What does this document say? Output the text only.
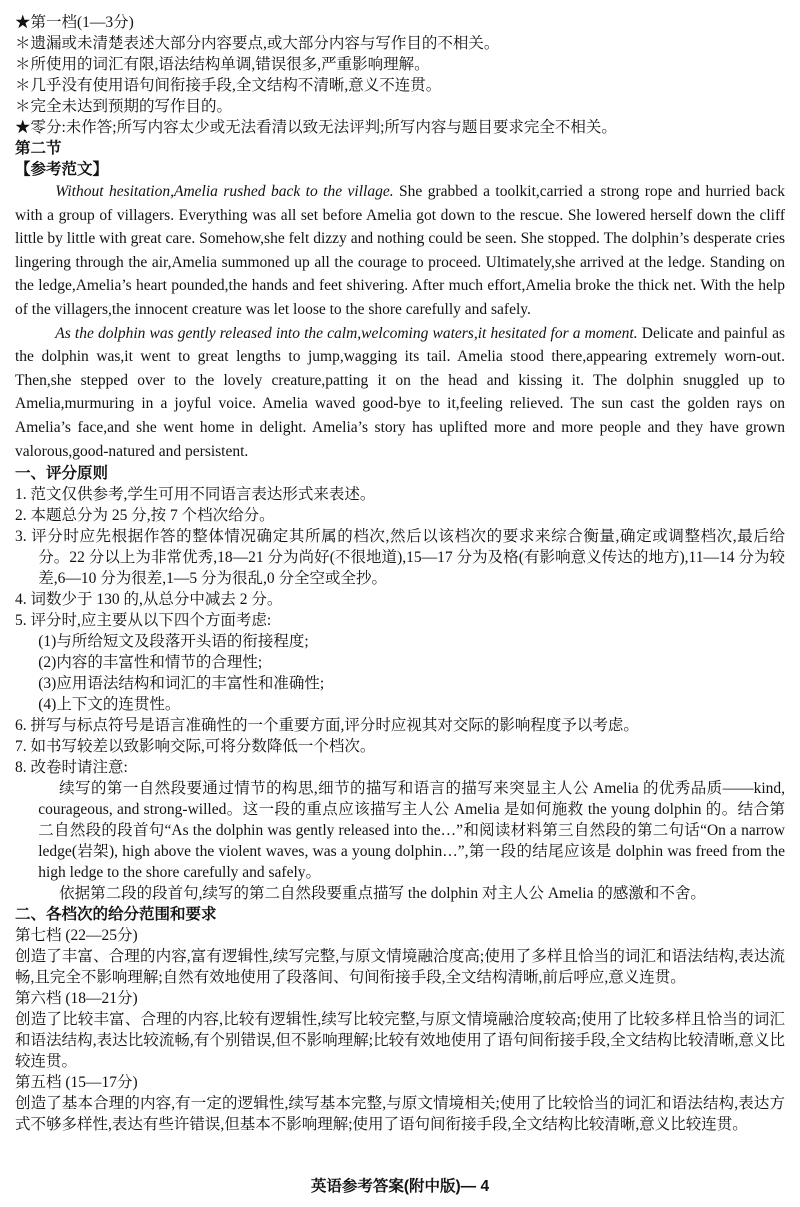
★第一档(1—3分)
＊遗漏或未清楚表述大部分内容要点,或大部分内容与写作目的不相关。
＊所使用的词汇有限,语法结构单调,错误很多,严重影响理解。
＊几乎没有使用语句间衔接手段,全文结构不清晰,意义不连贯。
＊完全未达到预期的写作目的。
★零分:未作答;所写内容太少或无法看清以致无法评判;所写内容与题目要求完全不相关。
第二节
【参考范文】

Without hesitation,Amelia rushed back to the village. She grabbed a toolkit,carried a strong rope and hurried back with a group of villagers. Everything was all set before Amelia got down to the rescue. She lowered herself down the cliff little by little with great care. Somehow,she felt dizzy and nothing could be seen. She stopped. The dolphin’s desperate cries lingering through the air,Amelia summoned up all the courage to proceed. Ultimately,she arrived at the ledge. Standing on the ledge,Amelia’s heart pounded,the hands and feet shivering. After much effort,Amelia broke the thick net. With the help of the villagers,the innocent creature was let loose to the shore carefully and safely.

As the dolphin was gently released into the calm,welcoming waters,it hesitated for a moment. Delicate and painful as the dolphin was,it went to great lengths to jump,wagging its tail. Amelia stood there,appearing extremely worn-out. Then,she stepped over to the lovely creature,patting it on the head and kissing it. The dolphin snuggled up to Amelia,murmuring in a joyful voice. Amelia waved good-bye to it,feeling relieved. The sun cast the golden rays on Amelia’s face,and she went home in delight. Amelia’s story has uplifted more and more people and they have grown valorous,good-natured and persistent.

一、评分原则
1. 范文仅供参考,学生可用不同语言表达形式来表述。
2. 本题总分为 25 分,按 7 个档次给分。
3. 评分时应先根据作答的整体情况确定其所属的档次,然后以该档次的要求来综合衡量,确定或调整档次,最后给分。22 分以上为非常优秀,18—21 分为尚好(不很地道),15—17 分为及格(有影响意义传达的地方),11—14 分为较差,6—10 分为很差,1—5 分为很乱,0 分全空或全抄。
4. 词数少于 130 的,从总分中减去 2 分。
5. 评分时,应主要从以下四个方面考虑:
(1)与所给短文及段落开头语的衔接程度;
(2)内容的丰富性和情节的合理性;
(3)应用语法结构和词汇的丰富性和准确性;
(4)上下文的连贯性。
6. 拼写与标点符号是语言准确性的一个重要方面,评分时应视其对交际的影响程度予以考虑。
7. 如书写较差以致影响交际,可将分数降低一个档次。
8. 改卷时请注意:
续写的第一自然段要通过情节的构思,细节的描写和语言的描写来突显主人公 Amelia 的优秀品质——kind, courageous, and strong-willed。这一段的重点应该描写主人公 Amelia 是如何施救 the young dolphin 的。结合第二自然段的段首句“As the dolphin was gently released into the…”和阅读材料第三自然段的第二句话“On a narrow ledge(岩架), high above the violent waves, was a young dolphin…”,第一段的结尾应该是 dolphin was freed from the high ledge to the shore carefully and safely。
依据第二段的段首句,续写的第二自然段要重点描写 the dolphin 对主人公 Amelia 的感激和不舍。
二、各档次的给分范围和要求
第七档 (22—25分)
创造了丰富、合理的内容,富有逻辑性,续写完整,与原文情境融洽度高;使用了多样且恰当的词汇和语法结构,表达流畅,且完全不影响理解;自然有效地使用了段落间、句间衔接手段,全文结构清晰,前后呼应,意义连贯。
第六档 (18—21分)
创造了比较丰富、合理的内容,比较有逻辑性,续写比较完整,与原文情境融洽度较高;使用了比较多样且恰当的词汇和语法结构,表达比较流畅,有个别错误,但不影响理解;比较有效地使用了语句间衔接手段,全文结构比较清晰,意义比较连贯。
第五档 (15—17分)
创造了基本合理的内容,有一定的逻辑性,续写基本完整,与原文情境相关;使用了比较恰当的词汇和语法结构,表达方式不够多样性,表达有些许错误,但基本不影响理解;使用了语句间衔接手段,全文结构比较清晰,意义比较连贯。
英语参考答案(附中版)— 4
